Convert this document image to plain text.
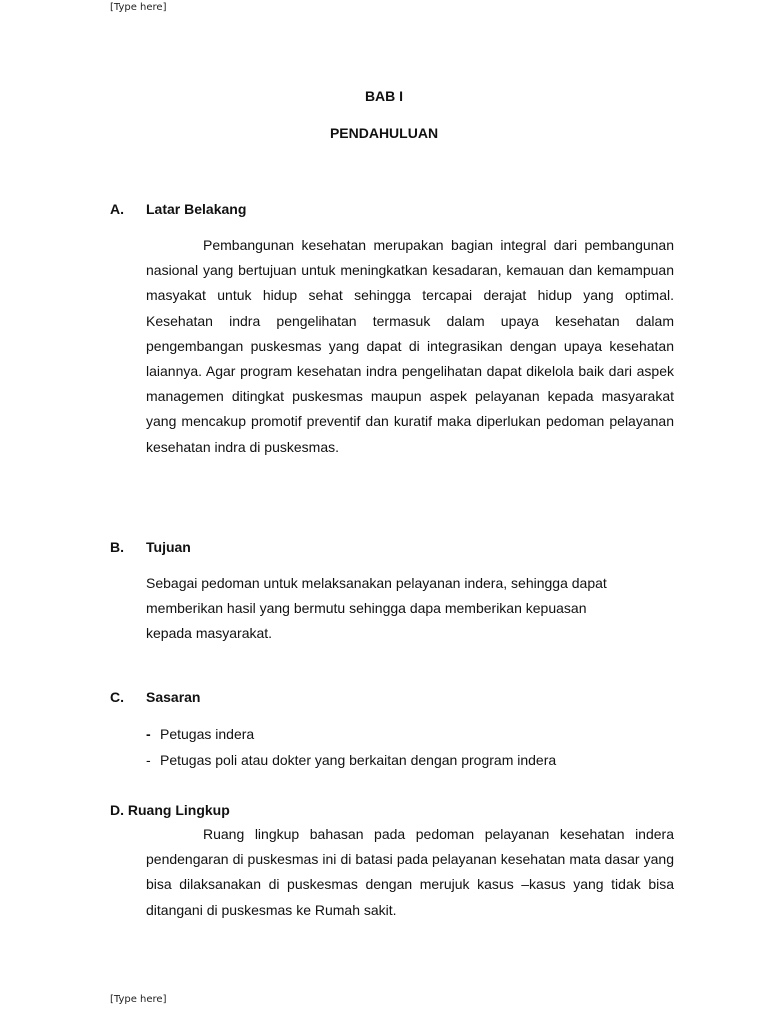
[Type here]
BAB I
PENDAHULUAN
A. Latar Belakang

Pembangunan kesehatan merupakan bagian integral dari pembangunan nasional yang bertujuan untuk meningkatkan kesadaran, kemauan dan kemampuan masyakat untuk hidup sehat sehingga tercapai derajat hidup yang optimal. Kesehatan indra pengelihatan termasuk dalam upaya kesehatan dalam pengembangan puskesmas yang dapat di integrasikan dengan upaya kesehatan laiannya. Agar program kesehatan indra pengelihatan dapat dikelola baik dari aspek managemen ditingkat puskesmas maupun aspek pelayanan kepada masyarakat yang mencakup promotif preventif dan kuratif maka diperlukan pedoman pelayanan kesehatan indra di puskesmas.

B. Tujuan
Sebagai pedoman untuk melaksanakan pelayanan indera, sehingga dapat
memberikan hasil yang bermutu sehingga dapa memberikan kepuasan
kepada masyarakat.
C. Sasaran
- Petugas indera
- Petugas poli atau dokter yang berkaitan dengan program indera
D. Ruang Lingkup

Ruang lingkup bahasan pada pedoman pelayanan kesehatan indera pendengaran di puskesmas ini di batasi pada pelayanan kesehatan mata dasar yang bisa dilaksanakan di puskesmas dengan merujuk kasus –kasus yang tidak bisa ditangani di puskesmas ke Rumah sakit.

[Type here]
